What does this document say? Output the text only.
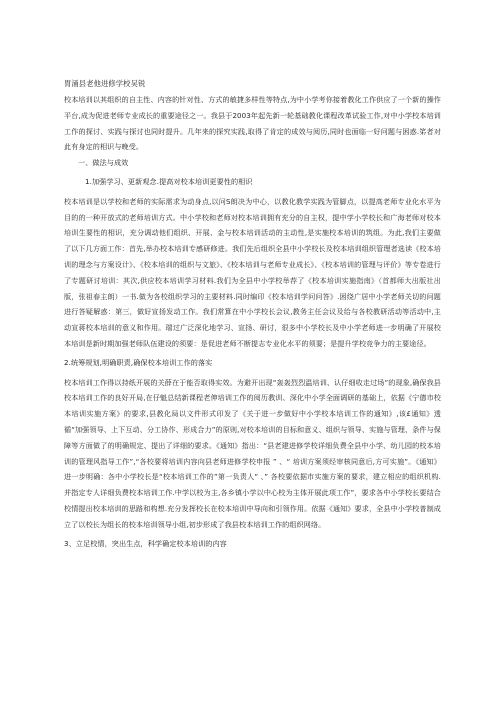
胃涌县老他进修学校吴锐

校本培训以其组织的自主性、内容的针对性、方式的敏捷多样性等特点,为中小学考你接着教化工作供应了一个新的操作平台,成为促进老师专业成长的重要途径之一。我县于2003年起先新一轮基础教化课程改革试验工作,对中小学校本培训工作的探讨、实践与探讨也同时提升。几年来的探究实践,取得了肯定的成效与阅历,同时也面临一好问题与困惑.笫者对此有身定的相识与晚受。

一、做法与成效

1.加强学习、更新观念.提高对校本培训更要性的相识

校本培训是以学校和老师的实际需求为动身点,以问S朗决为中心，以教化教学实践为管脚点，以提高老师专业化水平为目的的一种开放式的老师培训方式。中小学校和老师对校本培训拥有充分的自主权，提中学小学校长和广海老师对校本培训生要性的相识，充分调动他们组织、开展、金与校本培训活动的主动性,是实施校本培训的筑组。为此,我们主要做了以下几方面工作：首先,举办校本培训专感研修进。我们先后组织全县中小学校长及校本培训组织管理者选读《校本培训的理念与方案设计》、《校本培训的组织与文旅》、《校本培训与老师专业成长》、《校本培训的管理与评价》等专卷进行了专题研讨培训：其次,供应校本培训学习材料.我们为全县中小学校举荐了《校本培训实施指南》（首都师大出版社出版，张祖春主朗）一书.做为各校组织学习的主要材料.同时编印《校本培训学问问答》.困绕广居中小学老师关切的问题进行答疑解惑：第三，做好宣扬发动工作。我们常算在中小学校长会议,教务主任会议及给与各校教研活动等活动中,主动宣蒋校本培训的意义和作用。瑞过广泛深化地学习、宣扬、研讨，很多中小学校长及中小学老师进一步明确了开展校本培训是新时期加强老师队伍建设的须要：是促进老师不断提志专业化水平的须要；是提升学校竞争力的主要途径。

2.统筹规划,明确职责,确保校本培训工作的落实

校本培训工作得以持纸开展的关薛在于能否取得实效。为避开出现“轰轰烈烈温培训、认仔细收走过场”的现象,确保我县校本培训工作的良好开局,在仔魁总结新课程老伸培训工作的阅历教训、深化中小学全面调研的基础上，依据《宁德市校本培训实施方案》的要求,县教化局以文件形式印发了《关于进一步做好中小学校本培训工作的通知》,该£通知》透循“加强领导、上下互动、分工协作、形成合力”的原则,对校本培训的目标和意义、组织与领导、实施与管理、条件与保障等方面做了的明确规定、提出了详细的要求。《通知》指出：“县老建进修学校详细负费全县中小学、幼儿园的校本培训的管理风指导工作”,“各校要将培训内容向县老师进修学校申报 ” 、“ 培训方案须经审核同意后,方可实施”。《通知》进一步明确：各中小学校长是“校本培训工作的”第一负责人” 、” 各校要依据市实施方案的要求，建立相应的组织机构.并指定专人详细负费校本培训工作.中学以校为主,各乡镇小学以中心校为主体开展此项工作”，要求各中小学校长要结合校情提出校本培训的思路和构想.充分发挥校长在校本培训中导向和引领作用。依据《通知》要求，全县中小学校普制成立了以校长为组长的校本培训领导小组,初步形成了我县校本培训工作的组织网络。

3、立足校情，突出生点，科学确定校本培训的内容
